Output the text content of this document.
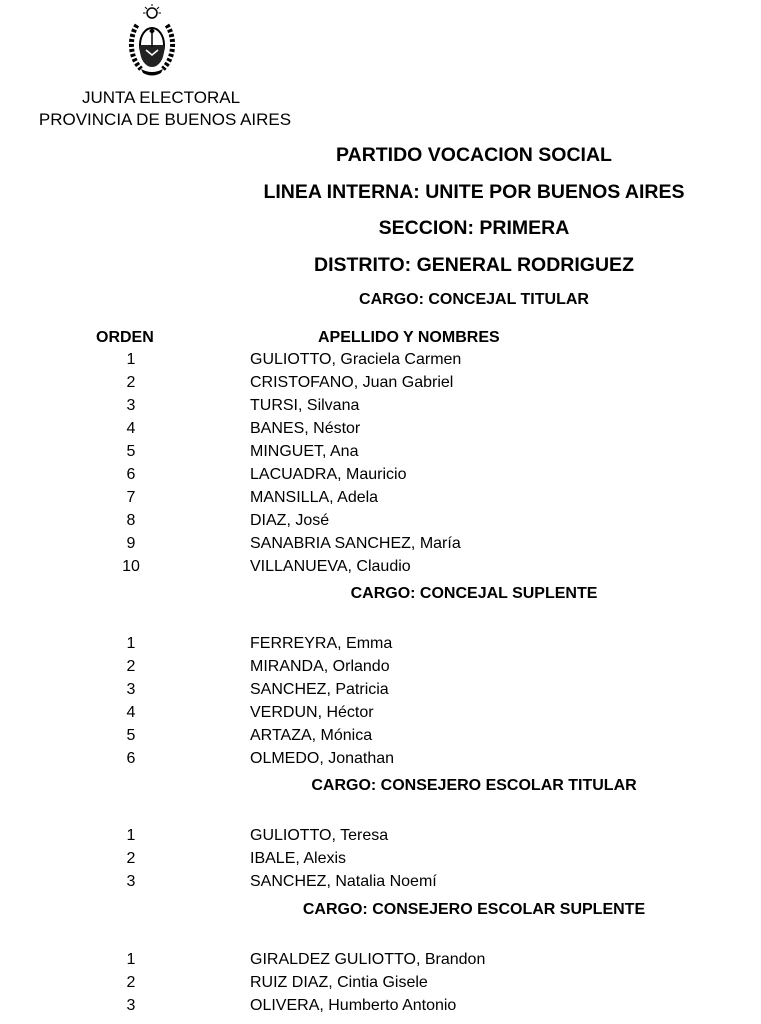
JUNTA ELECTORAL
PROVINCIA DE BUENOS AIRES
PARTIDO VOCACION SOCIAL
LINEA INTERNA: UNITE POR BUENOS AIRES
SECCION: PRIMERA
DISTRITO: GENERAL RODRIGUEZ
ORDEN	APELLIDO Y NOMBRES
CARGO: CONCEJAL TITULAR
1	GULIOTTO, Graciela Carmen
2	CRISTOFANO, Juan Gabriel
3	TURSI, Silvana
4	BANES, Néstor
5	MINGUET, Ana
6	LACUADRA, Mauricio
7	MANSILLA, Adela
8	DIAZ, José
9	SANABRIA SANCHEZ, María
10	VILLANUEVA, Claudio
CARGO: CONCEJAL SUPLENTE
1	FERREYRA, Emma
2	MIRANDA, Orlando
3	SANCHEZ, Patricia
4	VERDUN, Héctor
5	ARTAZA, Mónica
6	OLMEDO, Jonathan
CARGO: CONSEJERO ESCOLAR TITULAR
1	GULIOTTO, Teresa
2	IBALE, Alexis
3	SANCHEZ, Natalia Noemí
CARGO: CONSEJERO ESCOLAR SUPLENTE
1	GIRALDEZ GULIOTTO, Brandon
2	RUIZ DIAZ, Cintia Gisele
3	OLIVERA, Humberto Antonio
